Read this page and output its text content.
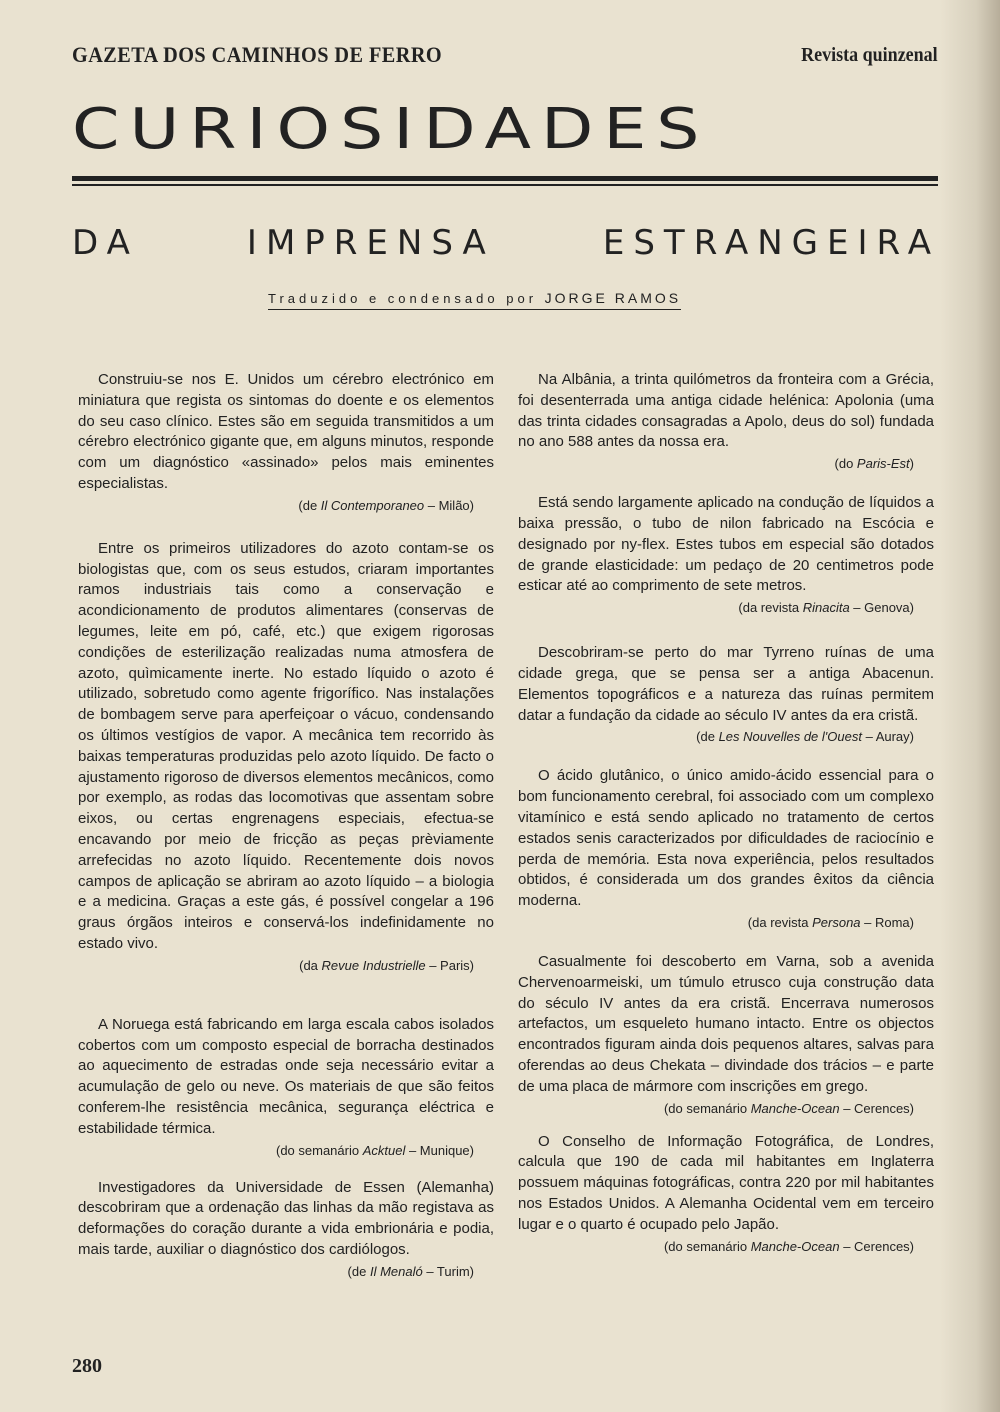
GAZETA DOS CAMINHOS DE FERRO	Revista quinzenal
CURIOSIDADES
DA IMPRENSA ESTRANGEIRA
Traduzido e condensado por JORGE RAMOS

Construiu-se nos E. Unidos um cérebro electrónico em miniatura que regista os sintomas do doente e os elementos do seu caso clínico. Estes são em seguida transmitidos a um cérebro electrónico gigante que, em alguns minutos, responde com um diagnóstico «assinado» pelos mais eminentes especialistas.

(de Il Contemporaneo – Milão)

Entre os primeiros utilizadores do azoto contam-se os biologistas que, com os seus estudos, criaram importantes ramos industriais tais como a conservação e acondicionamento de produtos alimentares (conservas de legumes, leite em pó, café, etc.) que exigem rigorosas condições de esterilização realizadas numa atmosfera de azoto, quìmicamente inerte. No estado líquido o azoto é utilizado, sobretudo como agente frigorífico. Nas instalações de bombagem serve para aperfeiçoar o vácuo, condensando os últimos vestígios de vapor. A mecânica tem recorrido às baixas temperaturas produzidas pelo azoto líquido. De facto o ajustamento rigoroso de diversos elementos mecânicos, como por exemplo, as rodas das locomotivas que assentam sobre eixos, ou certas engrenagens especiais, efectua-se encavando por meio de fricção as peças prèviamente arrefecidas no azoto líquido. Recentemente dois novos campos de aplicação se abriram ao azoto líquido – a biologia e a medicina. Graças a este gás, é possível congelar a 196 graus órgãos inteiros e conservá-los indefinidamente no estado vivo.

(da Revue Industrielle – Paris)

A Noruega está fabricando em larga escala cabos isolados cobertos com um composto especial de borracha destinados ao aquecimento de estradas onde seja necessário evitar a acumulação de gelo ou neve. Os materiais de que são feitos conferem-lhe resistência mecânica, segurança eléctrica e estabilidade térmica.

(do semanário Acktuel – Munique)

Investigadores da Universidade de Essen (Alemanha) descobriram que a ordenação das linhas da mão registava as deformações do coração durante a vida embrionária e podia, mais tarde, auxiliar o diagnóstico dos cardiólogos.

(de Il Menaló – Turim)

Na Albânia, a trinta quilómetros da fronteira com a Grécia, foi desenterrada uma antiga cidade helénica: Apolonia (uma das trinta cidades consagradas a Apolo, deus do sol) fundada no ano 588 antes da nossa era.

(do Paris-Est)

Está sendo largamente aplicado na condução de líquidos a baixa pressão, o tubo de nilon fabricado na Escócia e designado por ny-flex. Estes tubos em especial são dotados de grande elasticidade: um pedaço de 20 centimetros pode esticar até ao comprimento de sete metros.

(da revista Rinacita – Genova)

Descobriram-se perto do mar Tyrreno ruínas de uma cidade grega, que se pensa ser a antiga Abacenun. Elementos topográficos e a natureza das ruínas permitem datar a fundação da cidade ao século IV antes da era cristã.

(de Les Nouvelles de l'Ouest – Auray)

O ácido glutânico, o único amido-ácido essencial para o bom funcionamento cerebral, foi associado com um complexo vitamínico e está sendo aplicado no tratamento de certos estados senis caracterizados por dificuldades de raciocínio e perda de memória. Esta nova experiência, pelos resultados obtidos, é considerada um dos grandes êxitos da ciência moderna.

(da revista Persona – Roma)

Casualmente foi descoberto em Varna, sob a avenida Chervenoarmeiski, um túmulo etrusco cuja construção data do século IV antes da era cristã. Encerrava numerosos artefactos, um esqueleto humano intacto. Entre os objectos encontrados figuram ainda dois pequenos altares, salvas para oferendas ao deus Chekata – divindade dos trácios – e parte de uma placa de mármore com inscrições em grego.

(do semanário Manche-Ocean – Cerences)

O Conselho de Informação Fotográfica, de Londres, calcula que 190 de cada mil habitantes em Inglaterra possuem máquinas fotográficas, contra 220 por mil habitantes nos Estados Unidos. A Alemanha Ocidental vem em terceiro lugar e o quarto é ocupado pelo Japão.

(do semanário Manche-Ocean – Cerences)
280
